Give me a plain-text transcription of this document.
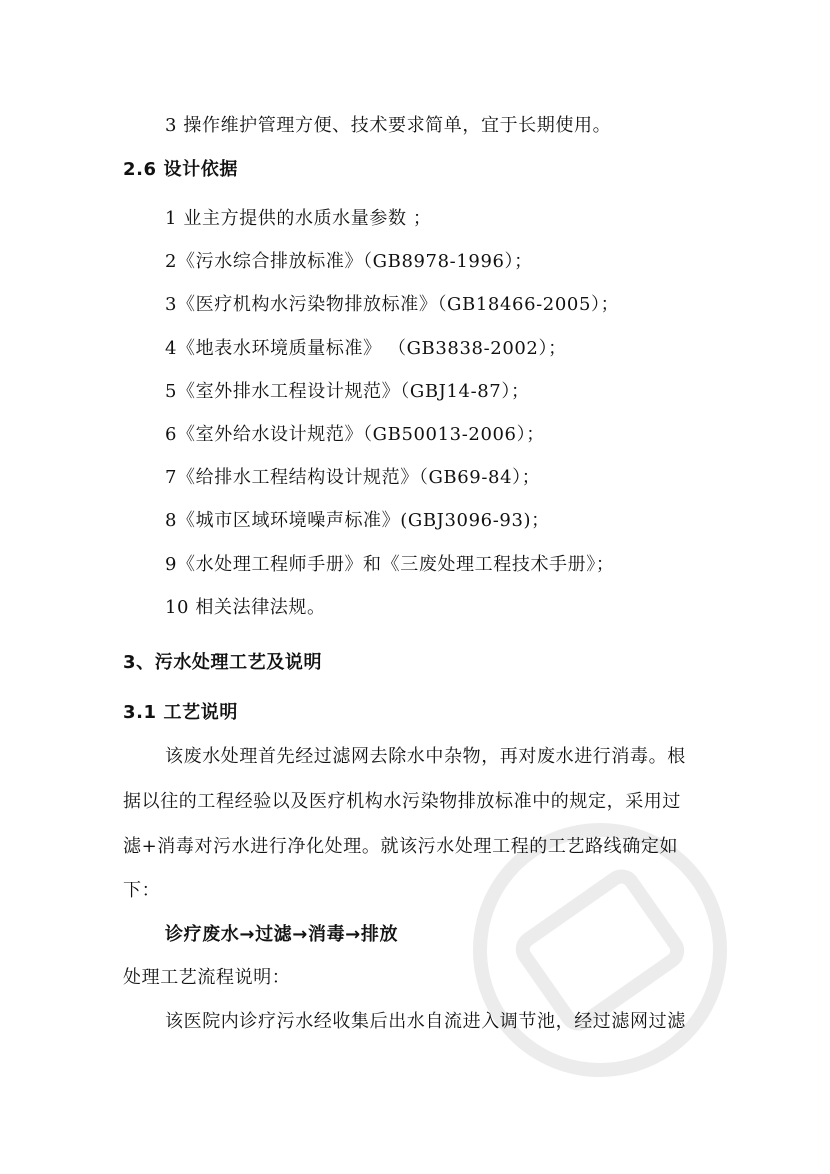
3 操作维护管理方便、技术要求简单，宜于长期使用。
2.6 设计依据
1 业主方提供的水质水量参数 ；
2《污水综合排放标准》（GB8978-1996）；
3《医疗机构水污染物排放标准》（GB18466-2005）；
4《地表水环境质量标准》 （GB3838-2002）；
5《室外排水工程设计规范》（GBJ14-87）；
6《室外给水设计规范》（GB50013-2006）；
7《给排水工程结构设计规范》（GB69-84）；
8《城市区域环境噪声标准》(GBJ3096-93)；
9《水处理工程师手册》和《三废处理工程技术手册》；
10 相关法律法规。
3、污水处理工艺及说明
3.1 工艺说明
该废水处理首先经过滤网去除水中杂物，再对废水进行消毒。根
据以往的工程经验以及医疗机构水污染物排放标准中的规定，采用过
滤+消毒对污水进行净化处理。就该污水处理工程的工艺路线确定如
下：
诊疗废水→过滤→消毒→排放
处理工艺流程说明：
该医院内诊疗污水经收集后出水自流进入调节池，经过滤网过滤
